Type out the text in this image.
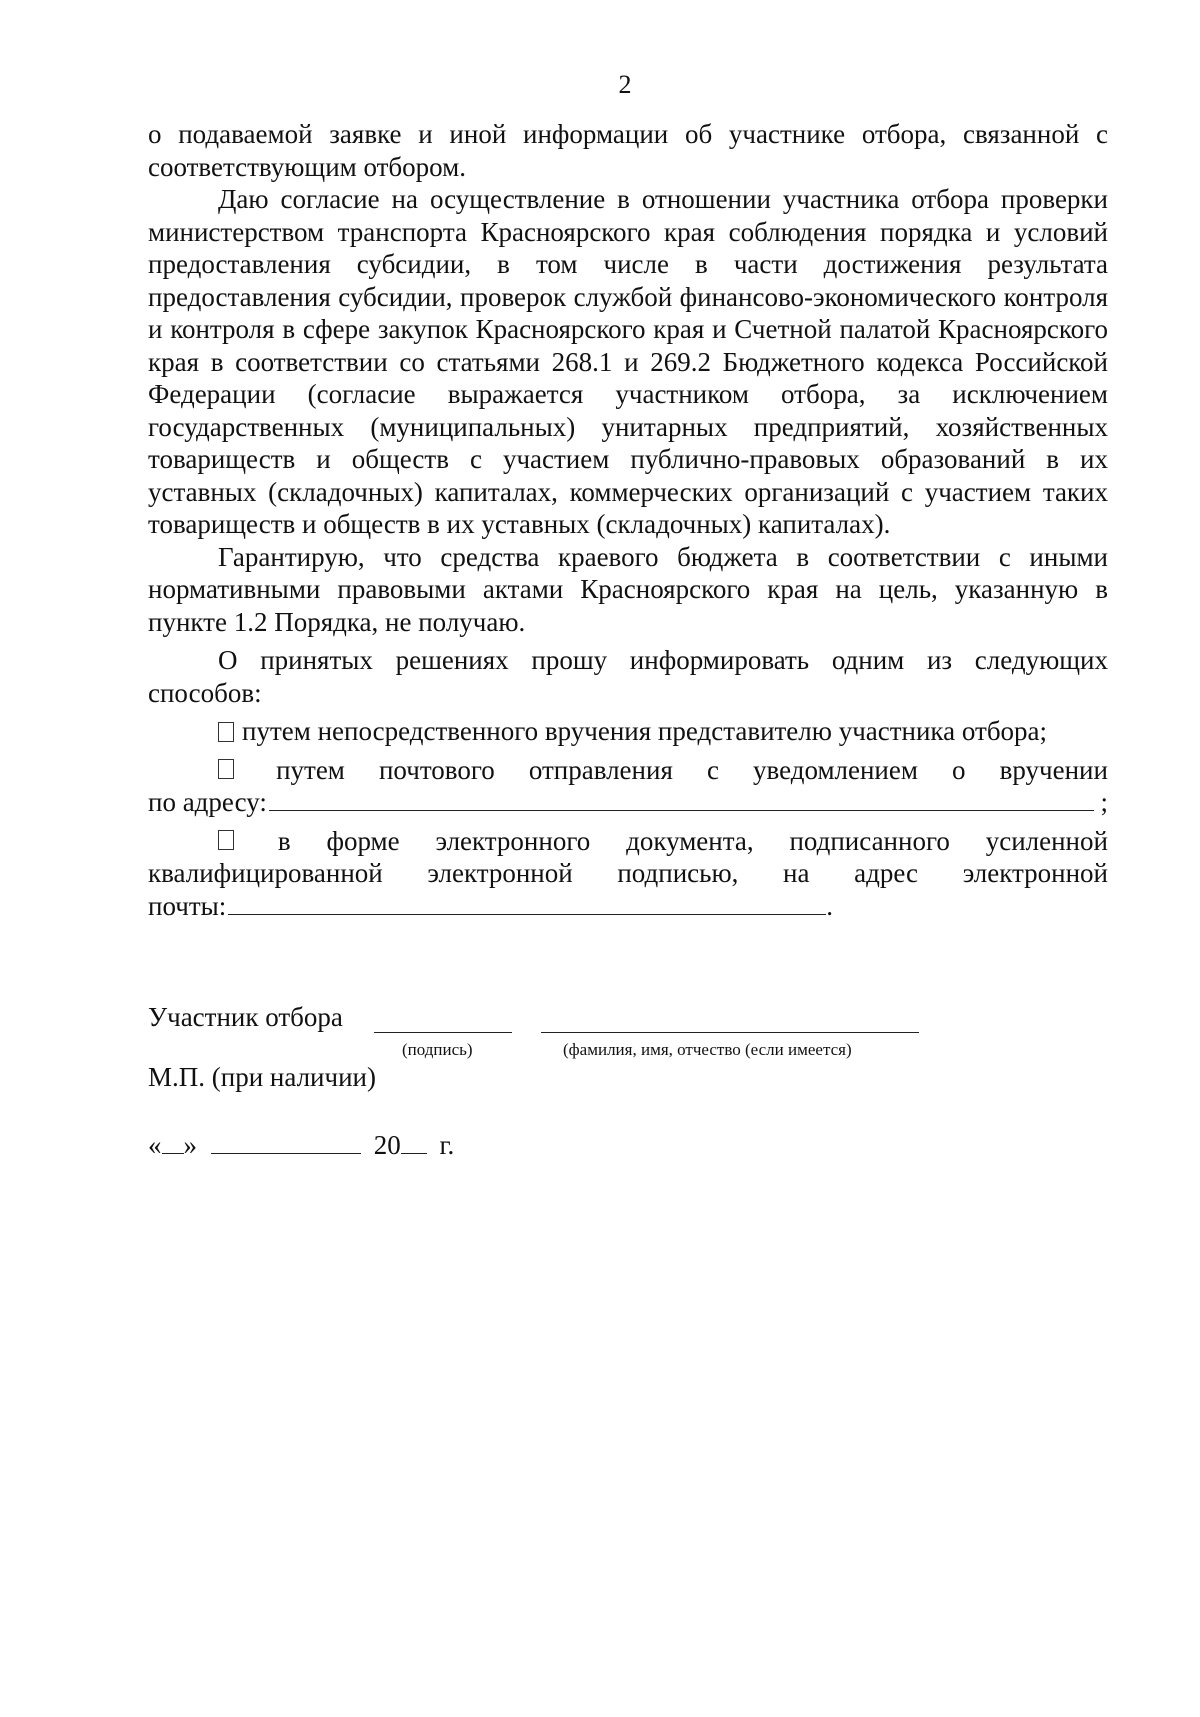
2

о подаваемой заявке и иной информации об участнике отбора, связанной с соответствующим отбором.

Даю согласие на осуществление в отношении участника отбора проверки министерством транспорта Красноярского края соблюдения порядка и условий предоставления субсидии, в том числе в части достижения результата предоставления субсидии, проверок службой финансово-экономического контроля и контроля в сфере закупок Красноярского края и Счетной палатой Красноярского края в соответствии со статьями 268.1 и 269.2 Бюджетного кодекса Российской Федерации (согласие выражается участником отбора, за исключением государственных (муниципальных) унитарных предприятий, хозяйственных товариществ и обществ с участием публично-правовых образований в их уставных (складочных) капиталах, коммерческих организаций с участием таких товариществ и обществ в их уставных (складочных) капиталах).

Гарантирую, что средства краевого бюджета в соответствии с иными нормативными правовыми актами Красноярского края на цель, указанную в пункте 1.2 Порядка, не получаю.

О принятых решениях прошу информировать одним из следующих способов:

путем непосредственного вручения представителю участника отбора;

путем почтового отправления с уведомлением о вручении
по адресу:	;
в форме электронного документа, подписанного усиленной

квалифицированной электронной подписью, на адрес электронной

почты:	.
Участник отбора
(подпись)	(фамилия, имя, отчество (если имеется)
М.П. (при наличии)
« »	20 г.
